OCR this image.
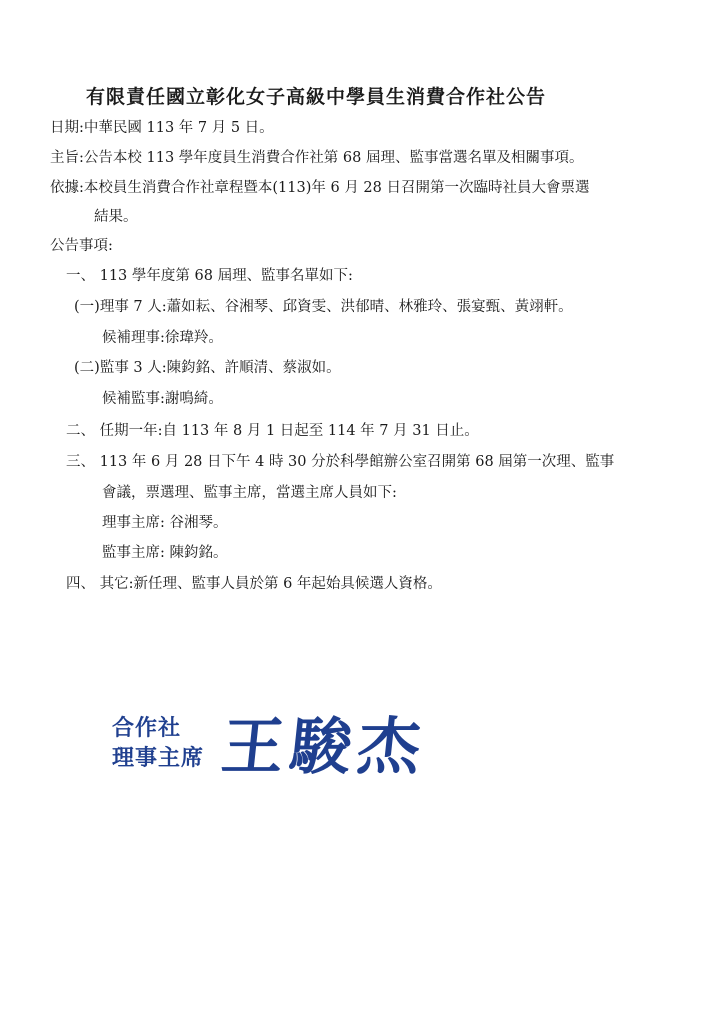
有限責任國立彰化女子高級中學員生消費合作社公告
日期:中華民國 113 年 7 月 5 日。
主旨:公告本校 113 學年度員生消費合作社第 68 屆理、監事當選名單及相關事項。
依據:本校員生消費合作社章程暨本(113)年 6 月 28 日召開第一次臨時社員大會票選
結果。
公告事項:
一、 113 學年度第 68 屆理、監事名單如下:
(一)理事 7 人:蕭如耘、谷湘琴、邱資雯、洪郁晴、林雅玲、張宴甄、黃翊軒。
候補理事:徐瑋羚。
(二)監事 3 人:陳鈞銘、許順清、蔡淑如。
候補監事:謝鳴綺。
二、 任期一年:自 113 年 8 月 1 日起至 114 年 7 月 31 日止。
三、 113 年 6 月 28 日下午 4 時 30 分於科學館辦公室召開第 68 屆第一次理、監事
會議，票選理、監事主席，當選主席人員如下:
理事主席: 谷湘琴。
監事主席: 陳鈞銘。
四、 其它:新任理、監事人員於第 6 年起始具候選人資格。
合作社
理事主席 王駿杰
